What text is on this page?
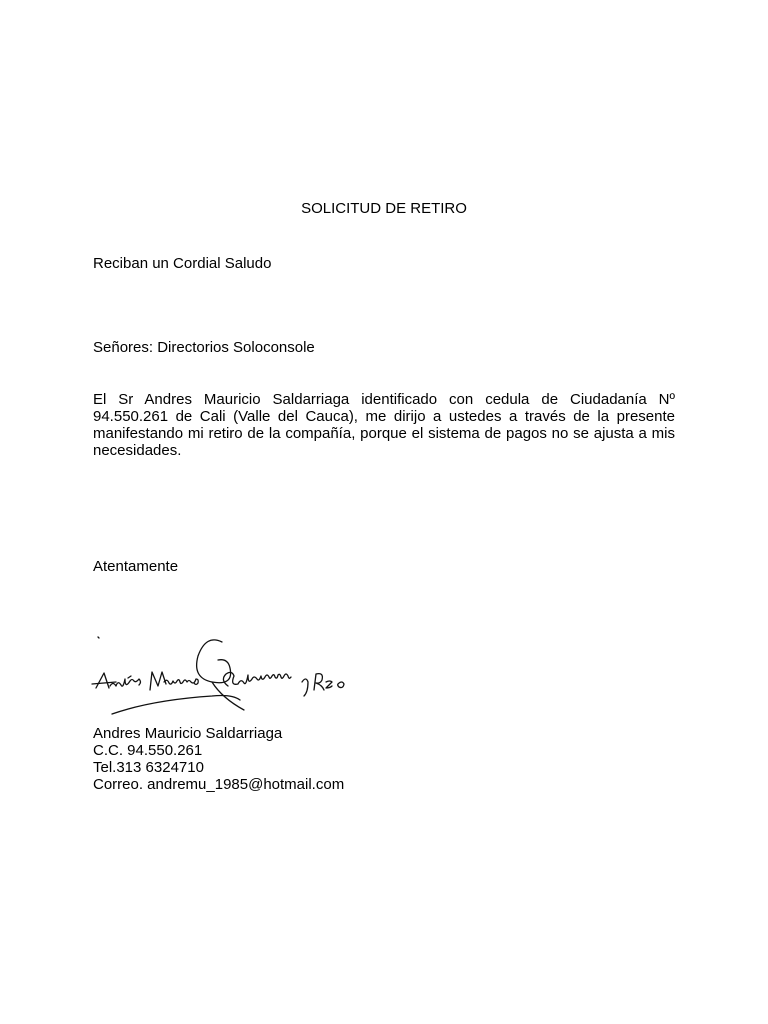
SOLICITUD DE RETIRO
Reciban un Cordial Saludo
Señores: Directorios Soloconsole
El Sr Andres Mauricio Saldarriaga identificado con cedula de Ciudadanía Nº 94.550.261 de Cali (Valle del Cauca), me dirijo a ustedes a través de la presente manifestando mi retiro de la compañía, porque el sistema de pagos no se ajusta a mis necesidades.
Atentamente
Andres Mauricio Saldarriaga
C.C. 94.550.261
Tel.313 6324710
Correo. andremu_1985@hotmail.com
